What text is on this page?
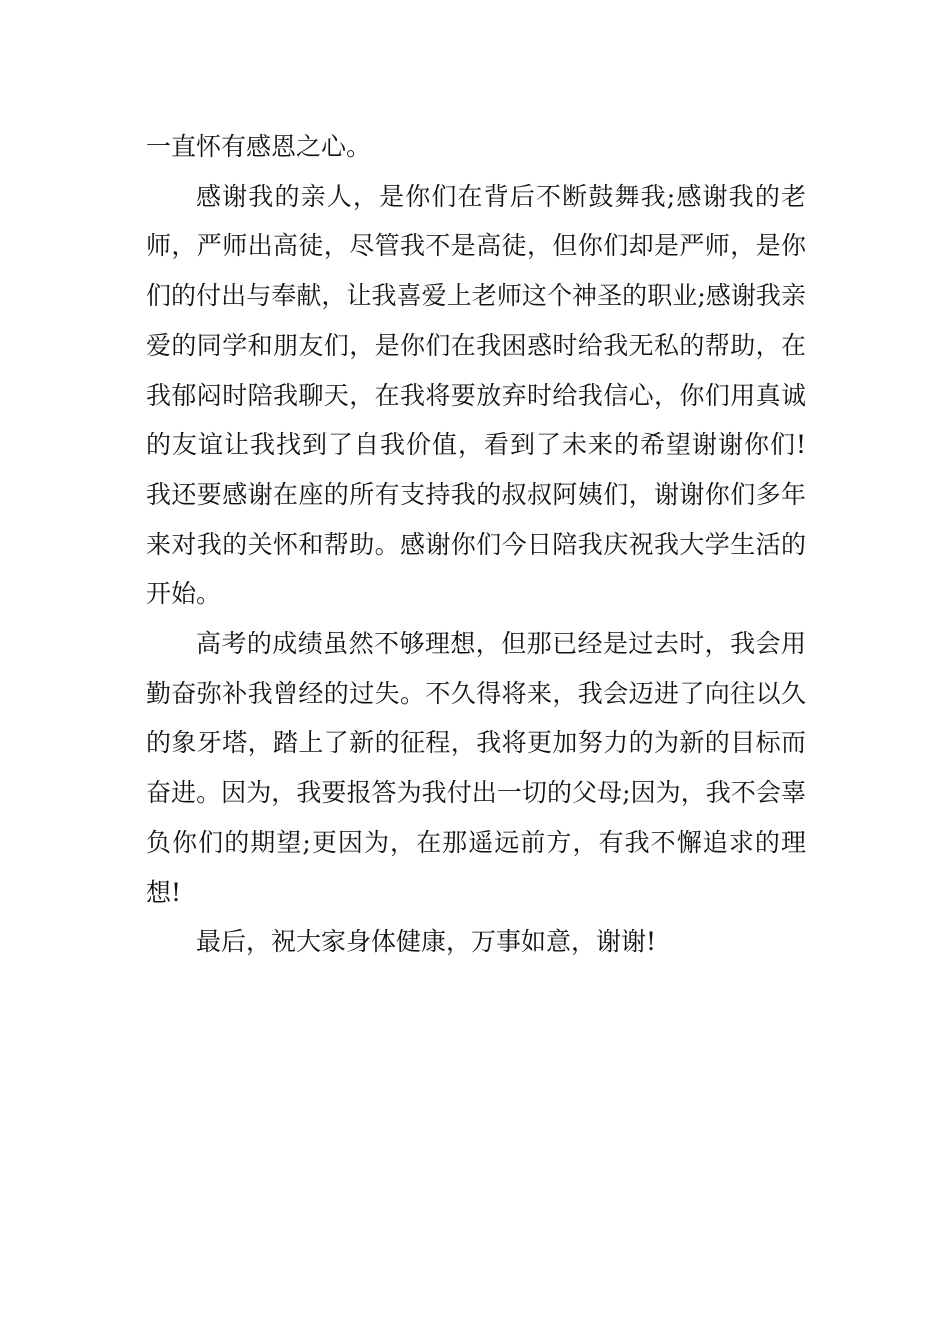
一直怀有感恩之心。

感谢我的亲人，是你们在背后不断鼓舞我;感谢我的老师，严师出高徒，尽管我不是高徒，但你们却是严师，是你们的付出与奉献，让我喜爱上老师这个神圣的职业;感谢我亲爱的同学和朋友们，是你们在我困惑时给我无私的帮助，在我郁闷时陪我聊天，在我将要放弃时给我信心，你们用真诚的友谊让我找到了自我价值，看到了未来的希望谢谢你们!我还要感谢在座的所有支持我的叔叔阿姨们，谢谢你们多年来对我的关怀和帮助。感谢你们今日陪我庆祝我大学生活的开始。

高考的成绩虽然不够理想，但那已经是过去时，我会用勤奋弥补我曾经的过失。不久得将来，我会迈进了向往以久的象牙塔，踏上了新的征程，我将更加努力的为新的目标而奋进。因为，我要报答为我付出一切的父母;因为，我不会辜负你们的期望;更因为，在那遥远前方，有我不懈追求的理想!

最后，祝大家身体健康，万事如意，谢谢!
